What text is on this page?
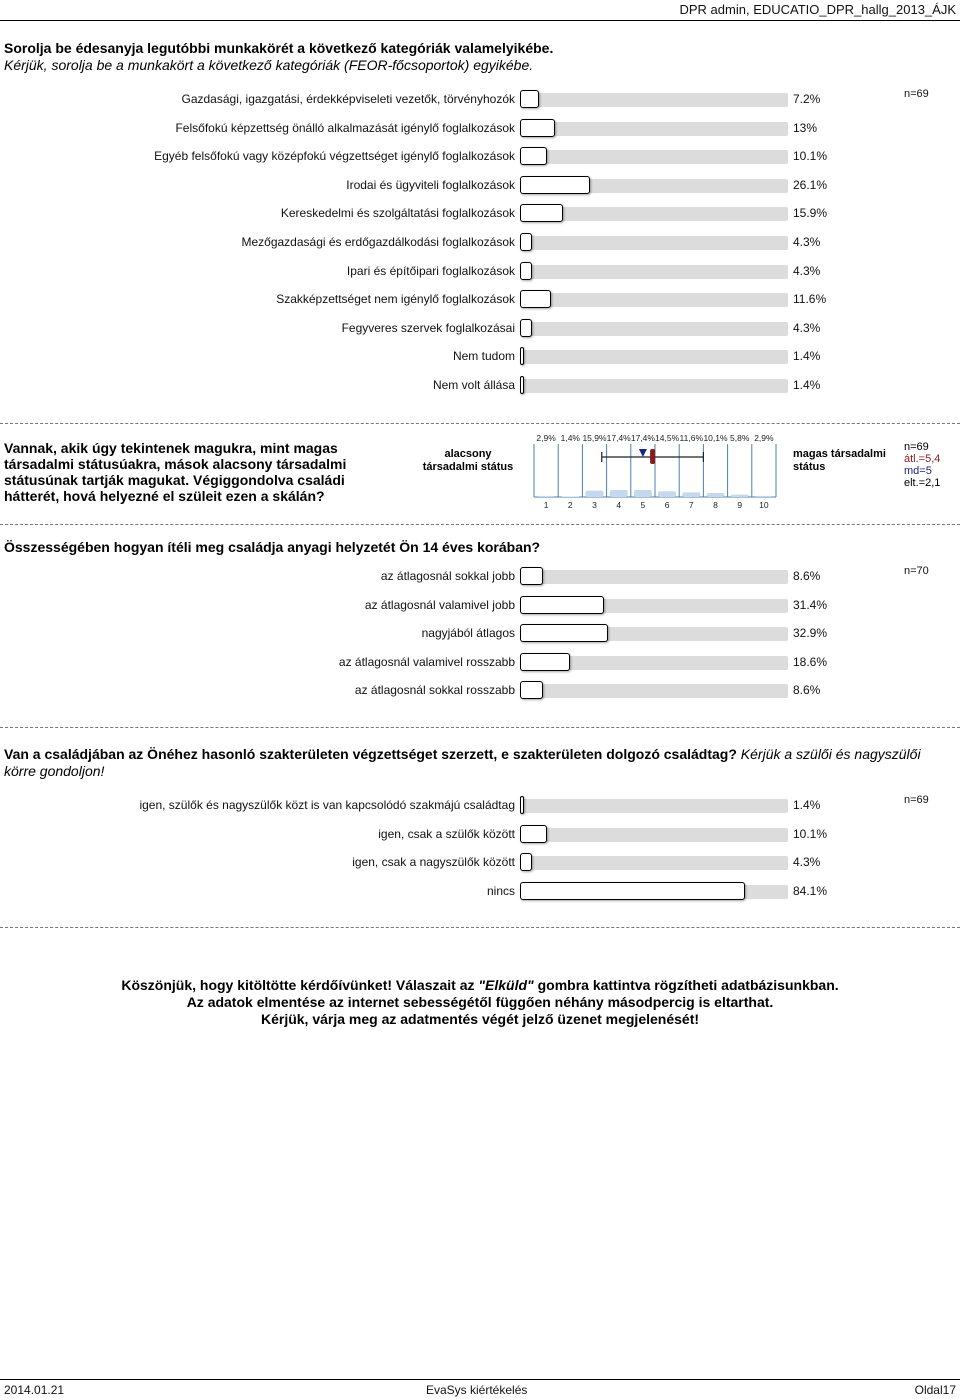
DPR admin, EDUCATIO_DPR_hallg_2013_ÁJK
Sorolja be édesanyja legutóbbi munkakörét a következő kategóriák valamelyikébe.
Kérjük, sorolja be a munkakört a következő kategóriák (FEOR-főcsoportok) egyikébe.
n=69
Gazdasági, igazgatási, érdekképviseleti vezetők, törvényhozók	7.2%
Felsőfokú képzettség önálló alkalmazását igénylő foglalkozások	13%
Egyéb felsőfokú vagy középfokú végzettséget igénylő foglalkozások	10.1%
Irodai és ügyviteli foglalkozások	26.1%
Kereskedelmi és szolgáltatási foglalkozások	15.9%
Mezőgazdasági és erdőgazdálkodási foglalkozások	4.3%
Ipari és építőipari foglalkozások	4.3%
Szakképzettséget nem igénylő foglalkozások	11.6%
Fegyveres szervek foglalkozásai	4.3%
Nem tudom	1.4%
Nem volt állása	1.4%
Vannak, akik úgy tekintenek magukra, mint magas társadalmi státusúakra, mások alacsony társadalmi státusúnak tartják magukat. Végiggondolva családi hátterét, hová helyezné el szüleit ezen a skálán?
alacsony társadalmi státus
magas társadalmi státus
n=69
átl.=5,4
md=5
elt.=2,1
2,9% 1,4% 15,9% 17,4% 17,4% 14,5% 11,6% 10,1% 5,8% 2,9%
1 2 3 4 5 6 7 8 9 10
Összességében hogyan ítéli meg családja anyagi helyzetét Ön 14 éves korában?
n=70
az átlagosnál sokkal jobb	8.6%
az átlagosnál valamivel jobb	31.4%
nagyjából átlagos	32.9%
az átlagosnál valamivel rosszabb	18.6%
az átlagosnál sokkal rosszabb	8.6%
Van a családjában az Önéhez hasonló szakterületen végzettséget szerzett, e szakterületen dolgozó családtag? Kérjük a szülői és nagyszülői körre gondoljon!
n=69
igen, szülők és nagyszülők közt is van kapcsolódó szakmájú családtag	1.4%
igen, csak a szülők között	10.1%
igen, csak a nagyszülők között	4.3%
nincs	84.1%
Köszönjük, hogy kitöltötte kérdőívünket! Válaszait az "Elküld" gombra kattintva rögzítheti adatbázisunkban.
Az adatok elmentése az internet sebességétől függően néhány másodpercig is eltarthat.
Kérjük, várja meg az adatmentés végét jelző üzenet megjelenését!
2014.01.21	EvaSys kiértékelés	Oldal17
